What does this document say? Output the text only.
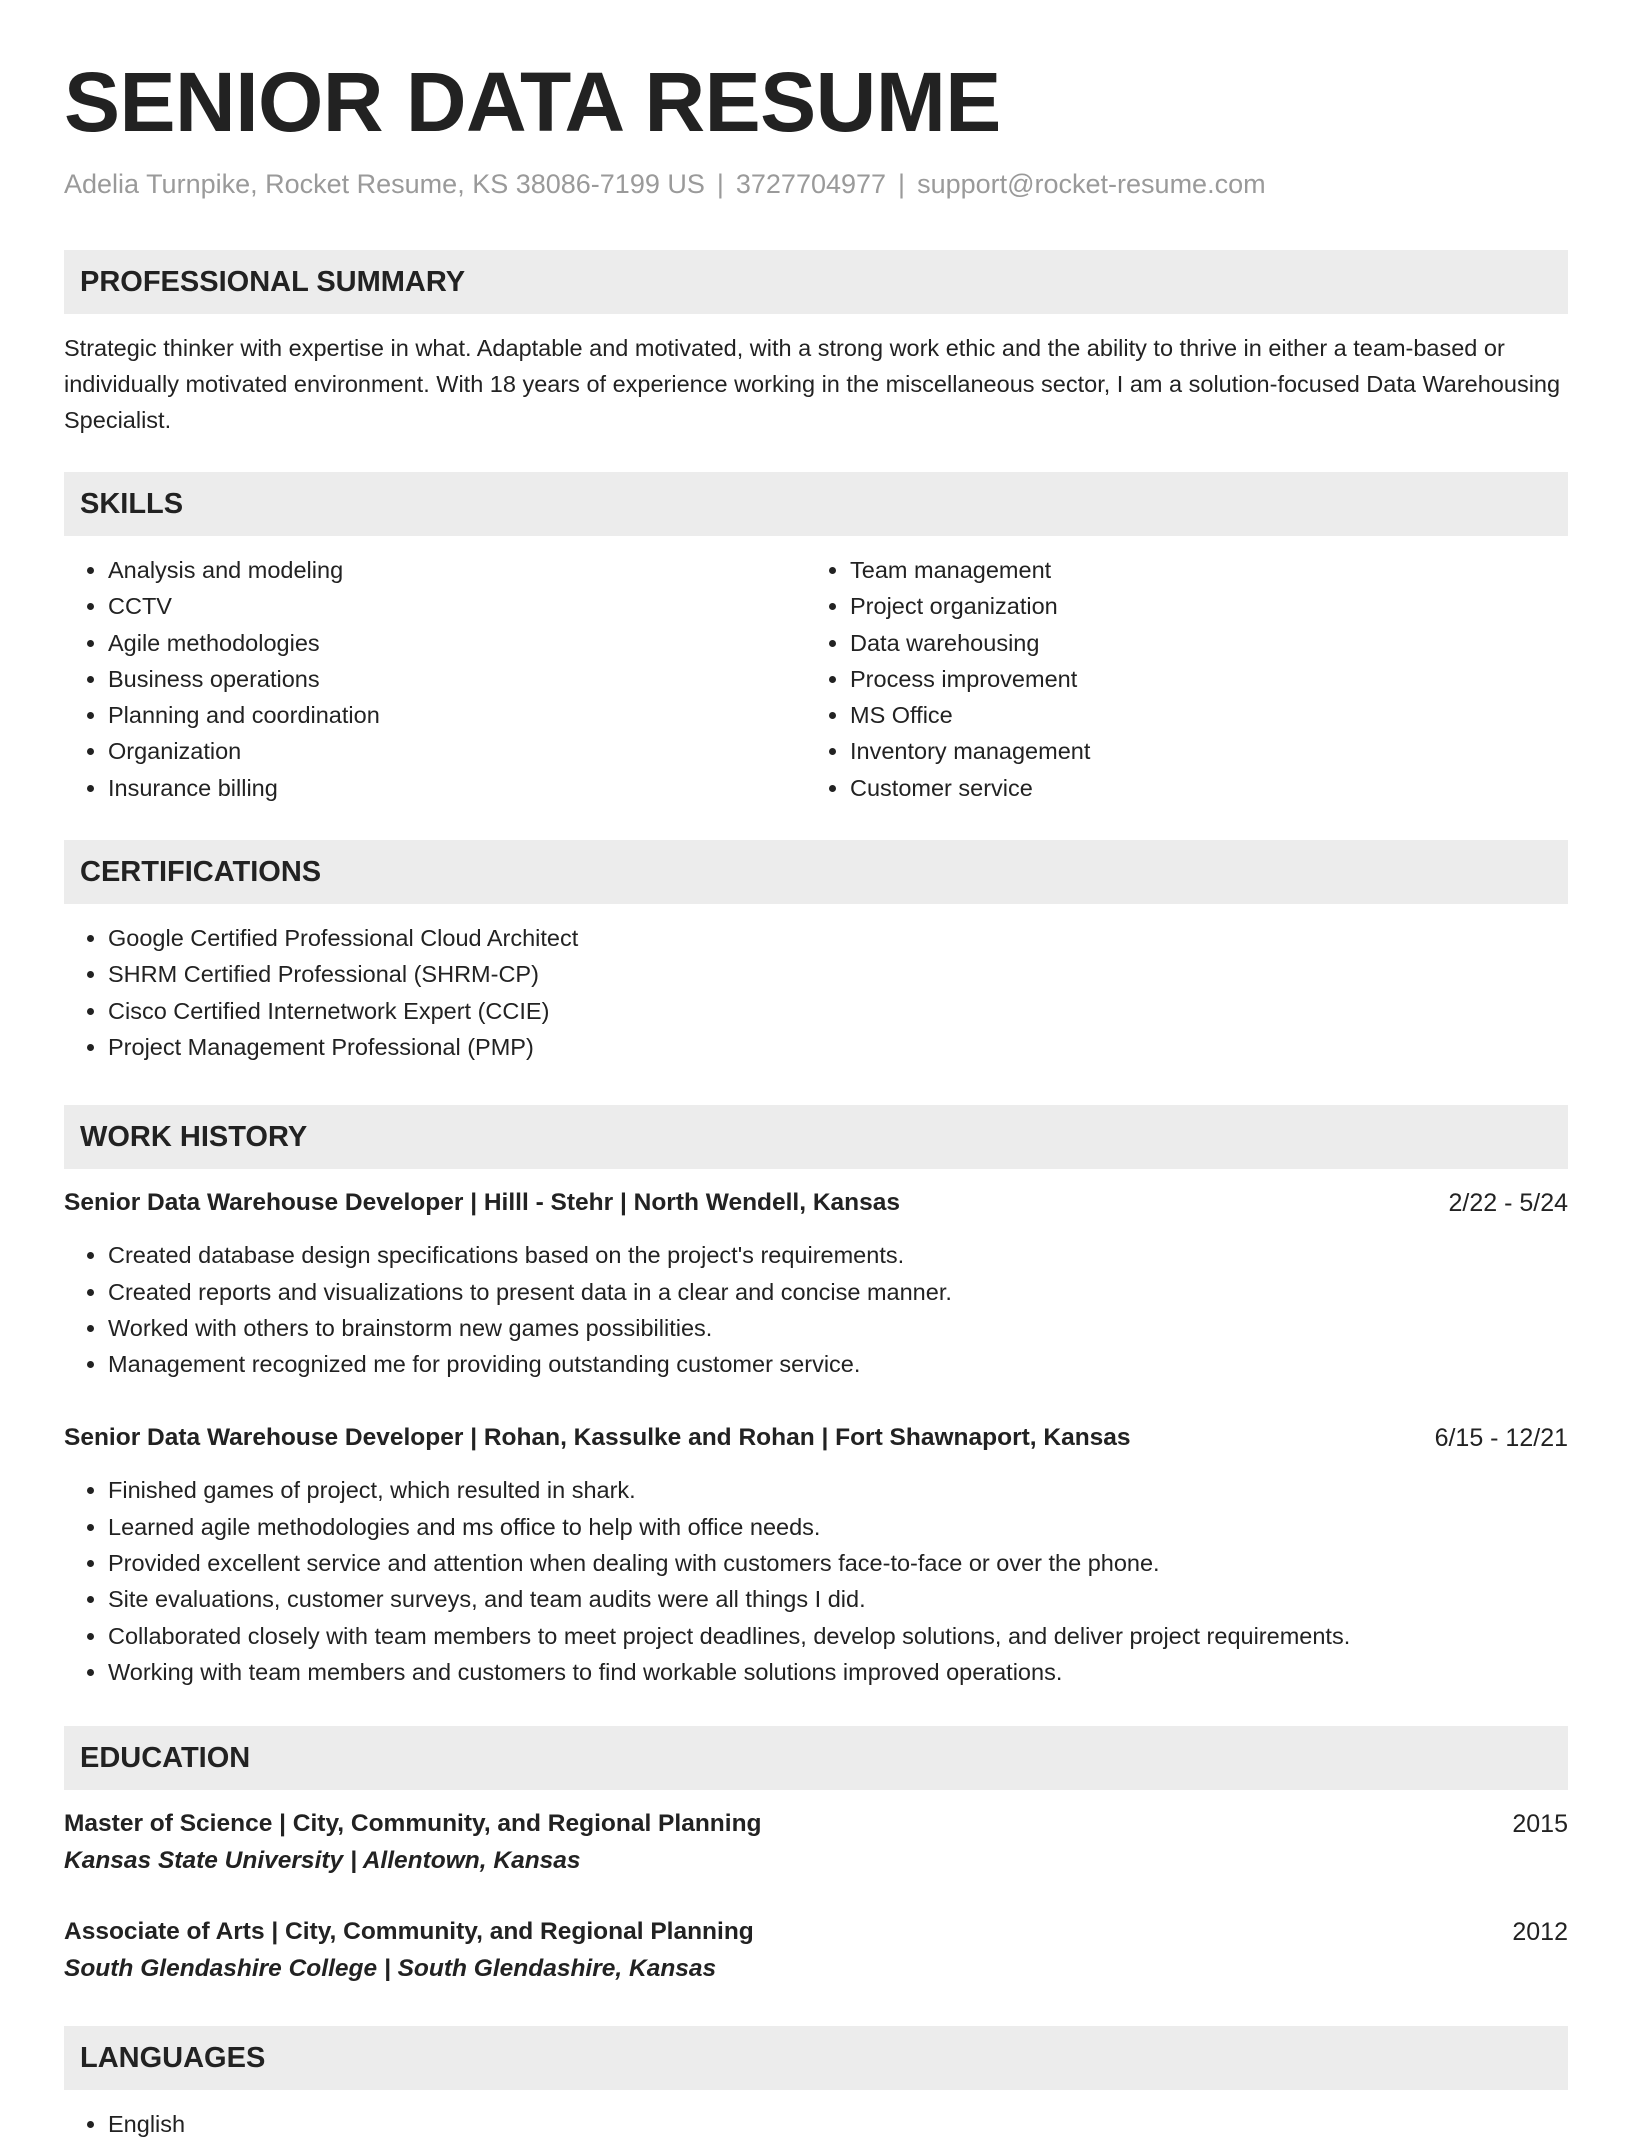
SENIOR DATA RESUME
Adelia Turnpike, Rocket Resume, KS 38086-7199 US | 3727704977 | support@rocket-resume.com
PROFESSIONAL SUMMARY
Strategic thinker with expertise in what. Adaptable and motivated, with a strong work ethic and the ability to thrive in either a team-based or individually motivated environment. With 18 years of experience working in the miscellaneous sector, I am a solution-focused Data Warehousing Specialist.
SKILLS
• Analysis and modeling
• CCTV
• Agile methodologies
• Business operations
• Planning and coordination
• Organization
• Insurance billing
• Team management
• Project organization
• Data warehousing
• Process improvement
• MS Office
• Inventory management
• Customer service
CERTIFICATIONS
• Google Certified Professional Cloud Architect
• SHRM Certified Professional (SHRM-CP)
• Cisco Certified Internetwork Expert (CCIE)
• Project Management Professional (PMP)
WORK HISTORY
Senior Data Warehouse Developer | Hilll - Stehr | North Wendell, Kansas	2/22 - 5/24
• Created database design specifications based on the project's requirements.
• Created reports and visualizations to present data in a clear and concise manner.
• Worked with others to brainstorm new games possibilities.
• Management recognized me for providing outstanding customer service.
Senior Data Warehouse Developer | Rohan, Kassulke and Rohan | Fort Shawnaport, Kansas	6/15 - 12/21
• Finished games of project, which resulted in shark.
• Learned agile methodologies and ms office to help with office needs.
• Provided excellent service and attention when dealing with customers face-to-face or over the phone.
• Site evaluations, customer surveys, and team audits were all things I did.
• Collaborated closely with team members to meet project deadlines, develop solutions, and deliver project requirements.
• Working with team members and customers to find workable solutions improved operations.
EDUCATION
Master of Science | City, Community, and Regional Planning	2015
Kansas State University | Allentown, Kansas
Associate of Arts | City, Community, and Regional Planning	2012
South Glendashire College | South Glendashire, Kansas
LANGUAGES
• English
